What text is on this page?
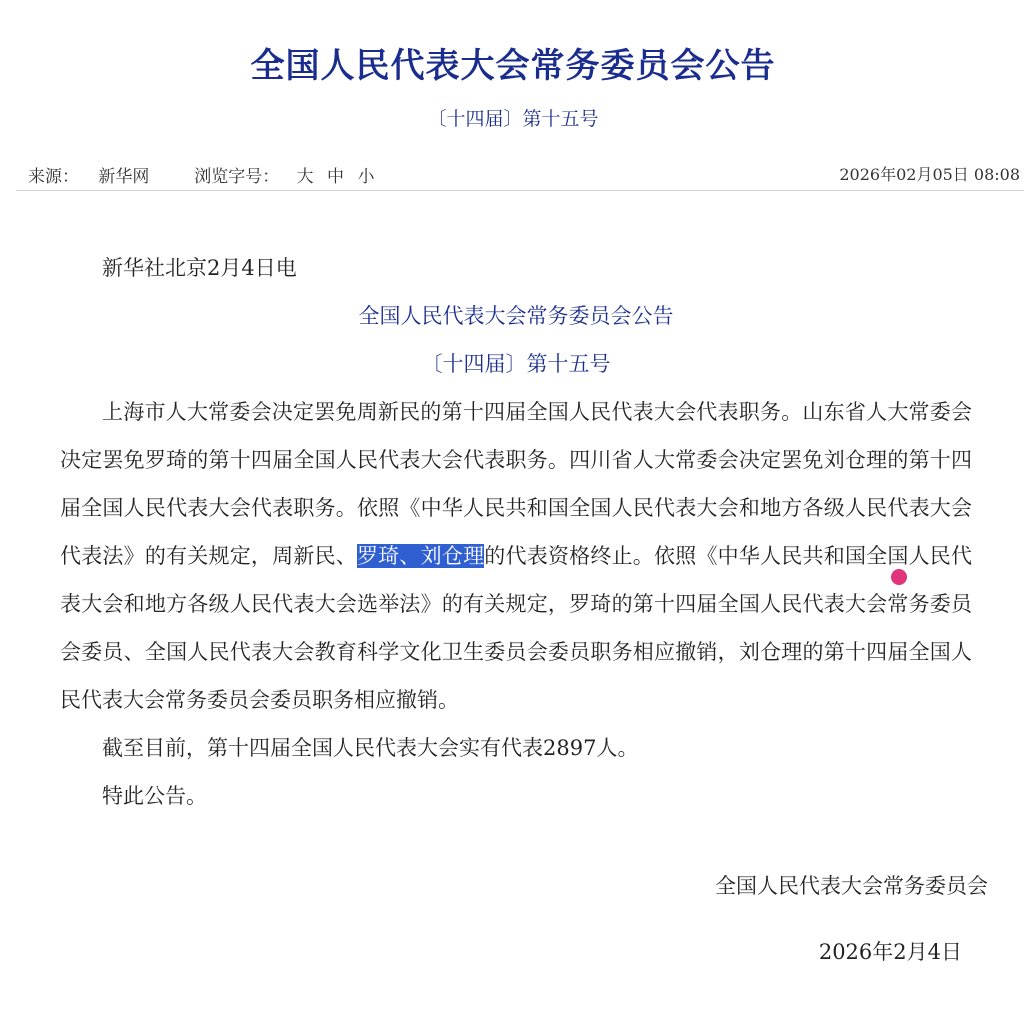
全国人民代表大会常务委员会公告
〔十四届〕第十五号
来源： 新华网	浏览字号： 大 中 小	2026年02月05日 08:08

新华社北京2月4日电

全国人民代表大会常务委员会公告

〔十四届〕第十五号

上海市人大常委会决定罢免周新民的第十四届全国人民代表大会代表职务。山东省人大常委会决定罢免罗琦的第十四届全国人民代表大会代表职务。四川省人大常委会决定罢免刘仓理的第十四届全国人民代表大会代表职务。依照《中华人民共和国全国人民代表大会和地方各级人民代表大会代表法》的有关规定，周新民、罗琦、刘仓理的代表资格终止。依照《中华人民共和国全国人民代表大会和地方各级人民代表大会选举法》的有关规定，罗琦的第十四届全国人民代表大会常务委员会委员、全国人民代表大会教育科学文化卫生委员会委员职务相应撤销，刘仓理的第十四届全国人民代表大会常务委员会委员职务相应撤销。

截至目前，第十四届全国人民代表大会实有代表2897人。

特此公告。

全国人民代表大会常务委员会
2026年2月4日
